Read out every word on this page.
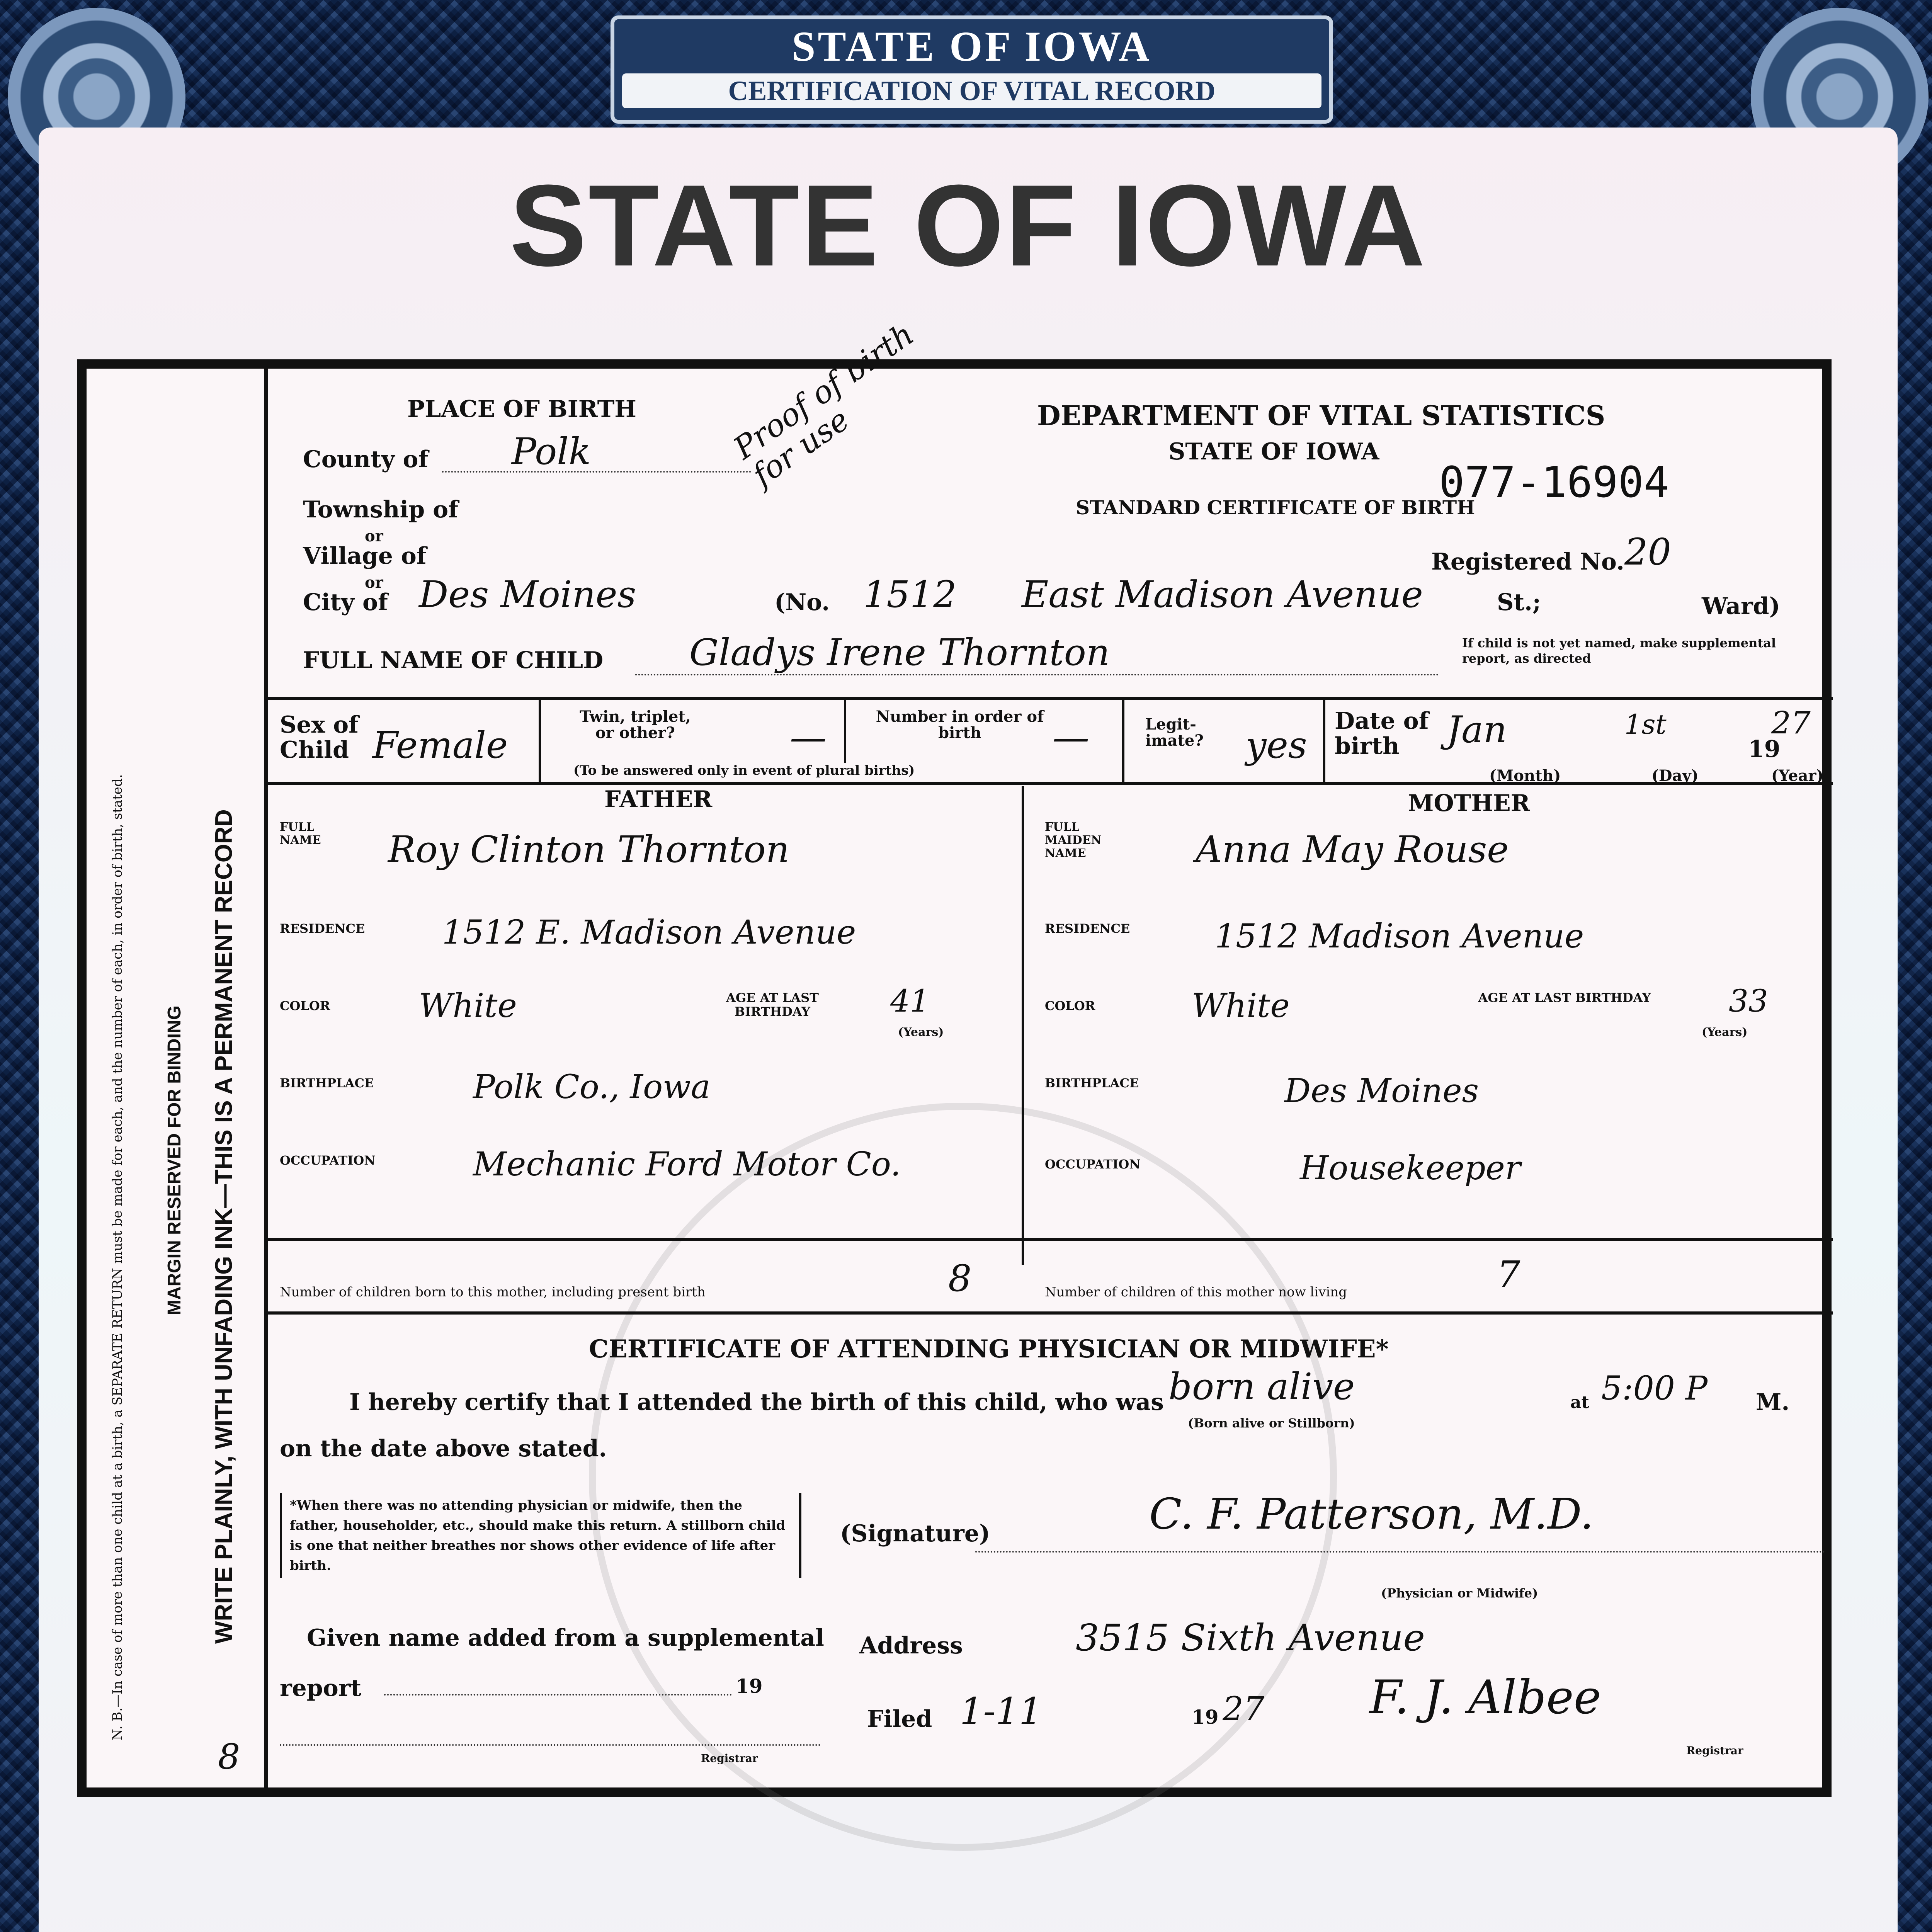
STATE OF IOWA
CERTIFICATION OF VITAL RECORD
STATE OF IOWA
MARGIN RESERVED FOR BINDING WRITE PLAINLY, WITH UNFADING INK—THIS IS A PERMANENT RECORD
N. B.—In case of more than one child at a birth, a SEPARATE RETURN must be made for each, and the number of each, in order of birth, stated.
8
PLACE OF BIRTH
County of Polk
Township of
or
Village of
or
City of Des Moines	(No. 1512 East Madison Avenue	St.;	Ward)
Proof of birth for use	DEPARTMENT OF VITAL STATISTICS
STATE OF IOWA
STANDARD CERTIFICATE OF BIRTH
077-16904
Registered No. 20
FULL NAME OF CHILD Gladys Irene Thornton	If child is not yet named, make supplemental report, as directed
Sex of Child Female
Twin, triplet, or other?	—	Number in order of birth	—
(To be answered only in event of plural births)
Legit- imate?	yes
Date of birth	Jan	1st
19
27
(Month)	(Day)	(Year)
FATHER	MOTHER
FULL NAME	Roy Clinton Thornton
RESIDENCE 1512 E. Madison Avenue
COLOR	White	AGE AT LAST BIRTHDAY	41
(Years)
BIRTHPLACE	Polk Co., Iowa
OCCUPATION	Mechanic Ford Motor Co.
FULL MAIDEN NAME	Anna May Rouse
RESIDENCE	1512 Madison Avenue
COLOR	White	AGE AT LAST BIRTHDAY	33
(Years)
BIRTHPLACE	Des Moines
OCCUPATION	Housekeeper
Number of children born to this mother, including present birth	8	Number of children of this mother now living	7
CERTIFICATE OF ATTENDING PHYSICIAN OR MIDWIFE*
I hereby certify that I attended the birth of this child, who was born alive
(Born alive or Stillborn)
at 5:00 P M.
on the date above stated.
*When there was no attending physician or midwife, then the father, householder, etc., should make this return. A stillborn child is one that neither breathes nor shows other evidence of life after birth.
(Signature)	C. F. Patterson, M.D.
(Physician or Midwife)
Given name added from a supplemental
report	19
Registrar
Address	3515 Sixth Avenue
Filed 1-11	19 27 F. J. Albee
Registrar
